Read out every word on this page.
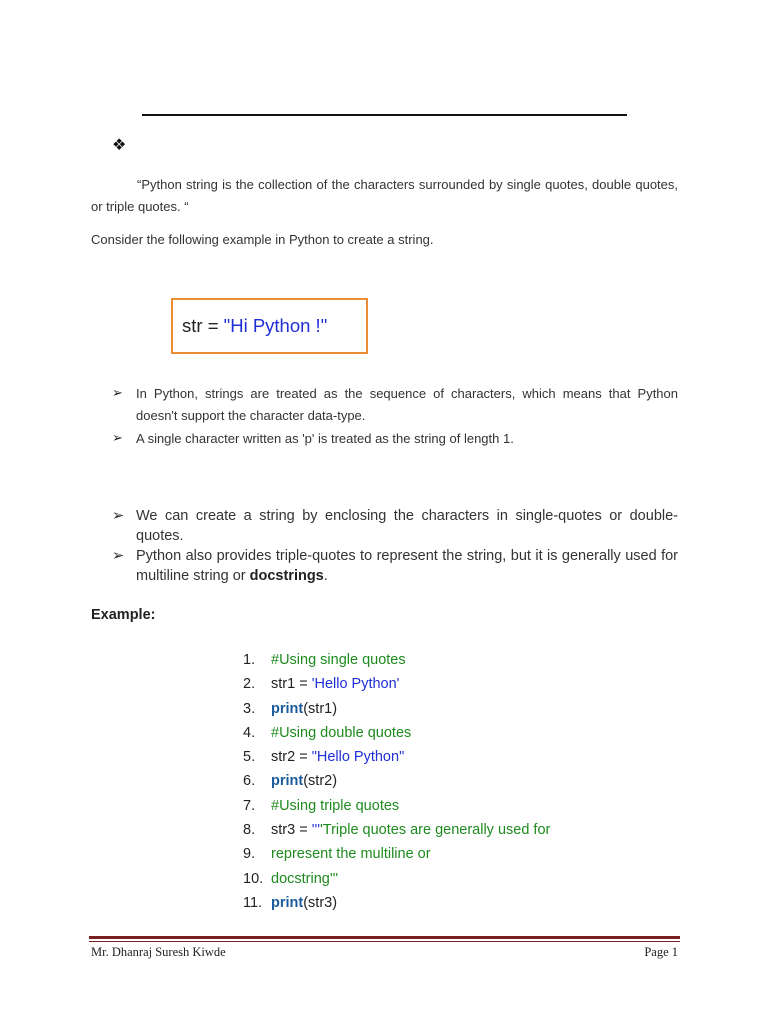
❖
“Python string is the collection of the characters surrounded by single quotes, double quotes, or triple quotes. “
Consider the following example in Python to create a string.
str = "Hi Python !"
➢ In Python, strings are treated as the sequence of characters, which means that Python doesn't support the character data-type.
➢ A single character written as 'p' is treated as the string of length 1.
➢ We can create a string by enclosing the characters in single-quotes or double-quotes.
➢ Python also provides triple-quotes to represent the string, but it is generally used for multiline string or docstrings.
Example:
1. #Using single quotes
2. str1 = 'Hello Python'
3. print(str1)
4. #Using double quotes
5. str2 = "Hello Python"
6. print(str2)
7. #Using triple quotes
8. str3 = ''''Triple quotes are generally used for
9. represent the multiline or
10. docstring'''
11. print(str3)
Mr. Dhanraj Suresh Kiwde	Page 1
